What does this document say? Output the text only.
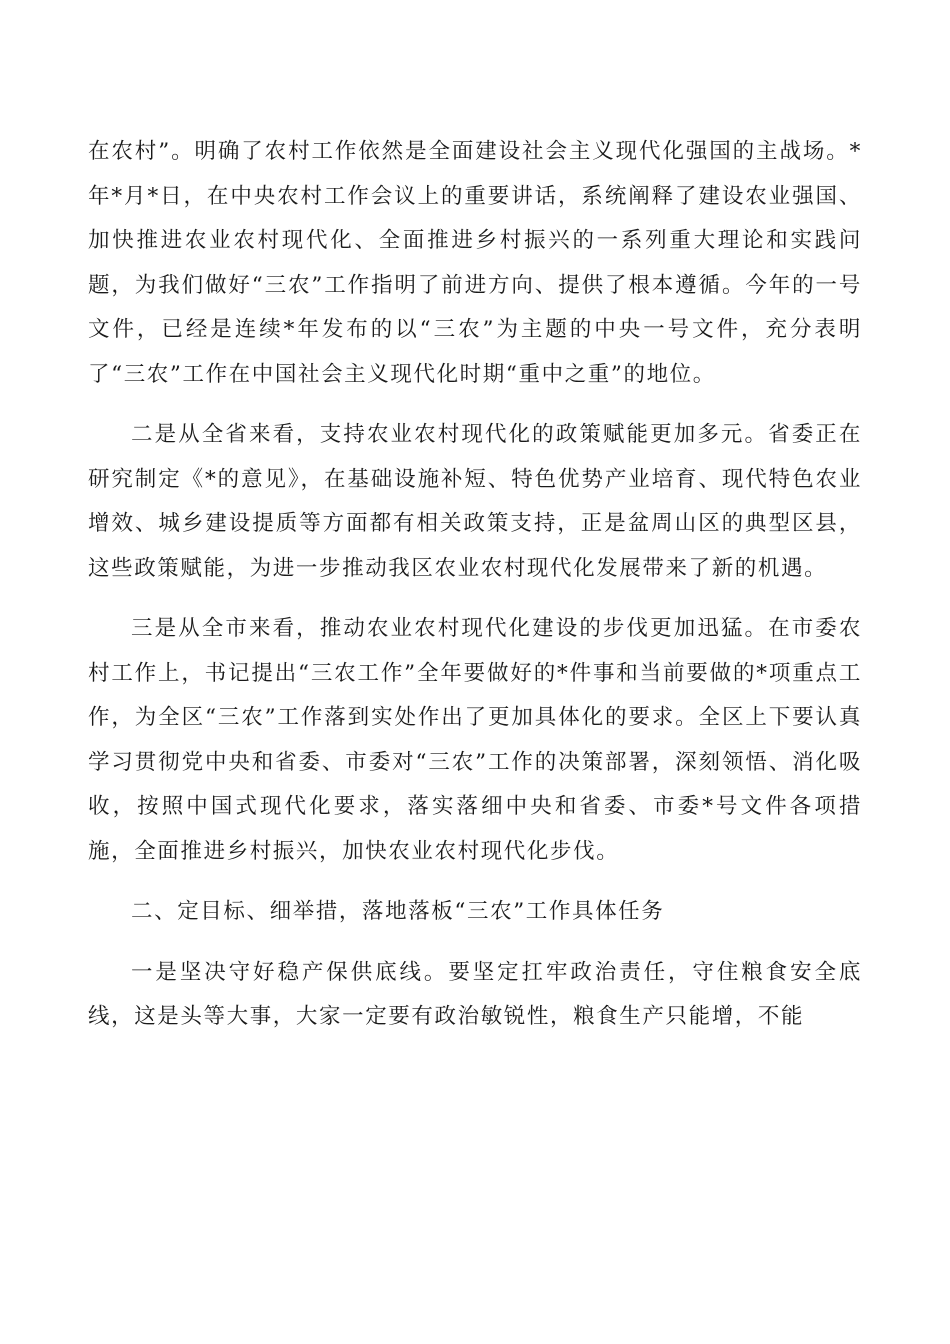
在农村”。明确了农村工作依然是全面建设社会主义现代化强国的主战场。*年*月*日，在中央农村工作会议上的重要讲话，系统阐释了建设农业强国、加快推进农业农村现代化、全面推进乡村振兴的一系列重大理论和实践问题，为我们做好“三农”工作指明了前进方向、提供了根本遵循。今年的一号文件，已经是连续*年发布的以“三农”为主题的中央一号文件，充分表明了“三农”工作在中国社会主义现代化时期“重中之重”的地位。

二是从全省来看，支持农业农村现代化的政策赋能更加多元。省委正在研究制定《*的意见》，在基础设施补短、特色优势产业培育、现代特色农业增效、城乡建设提质等方面都有相关政策支持，正是盆周山区的典型区县，这些政策赋能，为进一步推动我区农业农村现代化发展带来了新的机遇。

三是从全市来看，推动农业农村现代化建设的步伐更加迅猛。在市委农村工作上，书记提出“三农工作”全年要做好的*件事和当前要做的*项重点工作，为全区“三农”工作落到实处作出了更加具体化的要求。全区上下要认真学习贯彻党中央和省委、市委对“三农”工作的决策部署，深刻领悟、消化吸收，按照中国式现代化要求，落实落细中央和省委、市委*号文件各项措施，全面推进乡村振兴，加快农业农村现代化步伐。

二、定目标、细举措，落地落板“三农”工作具体任务

一是坚决守好稳产保供底线。要坚定扛牢政治责任，守住粮食安全底线，这是头等大事，大家一定要有政治敏锐性，粮食生产只能增，不能
